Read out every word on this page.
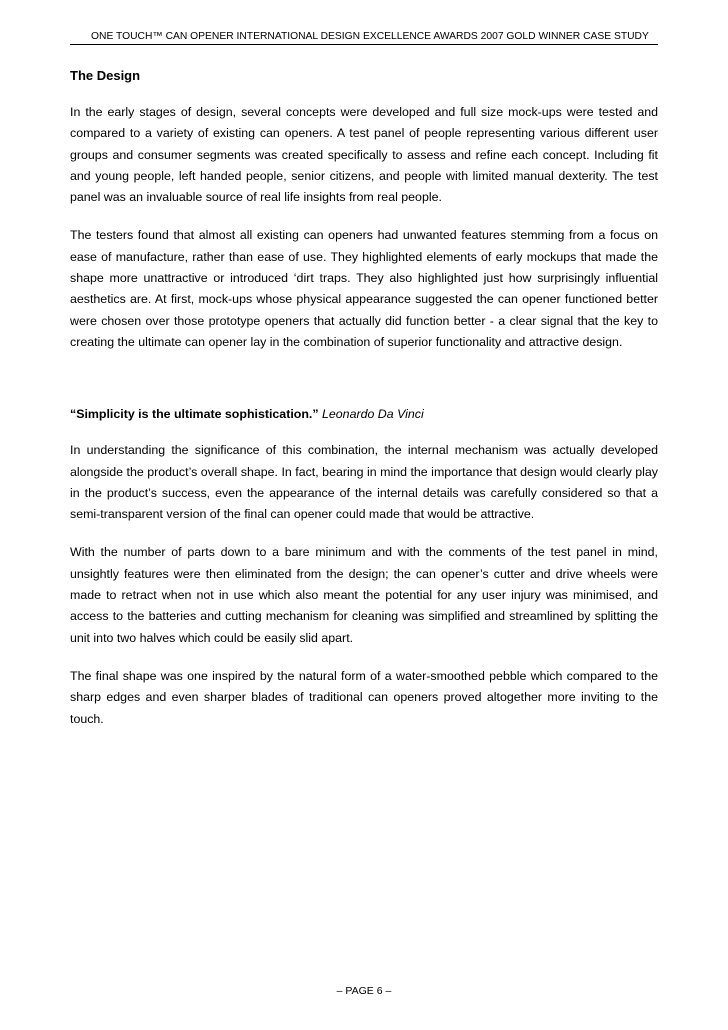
ONE TOUCH™ CAN OPENER INTERNATIONAL DESIGN EXCELLENCE AWARDS 2007 GOLD WINNER CASE STUDY
The Design

In the early stages of design, several concepts were developed and full size mock-ups were tested and compared to a variety of existing can openers. A test panel of people representing various different user groups and consumer segments was created specifically to assess and refine each concept. Including fit and young people, left handed people, senior citizens, and people with limited manual dexterity. The test panel was an invaluable source of real life insights from real people.

The testers found that almost all existing can openers had unwanted features stemming from a focus on ease of manufacture, rather than ease of use. They highlighted elements of early mockups that made the shape more unattractive or introduced ‘dirt traps. They also highlighted just how surprisingly influential aesthetics are. At first, mock-ups whose physical appearance suggested the can opener functioned better were chosen over those prototype openers that actually did function better - a clear signal that the key to creating the ultimate can opener lay in the combination of superior functionality and attractive design.

“Simplicity is the ultimate sophistication.” Leonardo Da Vinci

In understanding the significance of this combination, the internal mechanism was actually developed alongside the product’s overall shape. In fact, bearing in mind the importance that design would clearly play in the product’s success, even the appearance of the internal details was carefully considered so that a semi-transparent version of the final can opener could made that would be attractive.

With the number of parts down to a bare minimum and with the comments of the test panel in mind, unsightly features were then eliminated from the design; the can opener’s cutter and drive wheels were made to retract when not in use which also meant the potential for any user injury was minimised, and access to the batteries and cutting mechanism for cleaning was simplified and streamlined by splitting the unit into two halves which could be easily slid apart.

The final shape was one inspired by the natural form of a water-smoothed pebble which compared to the sharp edges and even sharper blades of traditional can openers proved altogether more inviting to the touch.

– PAGE 6 –
